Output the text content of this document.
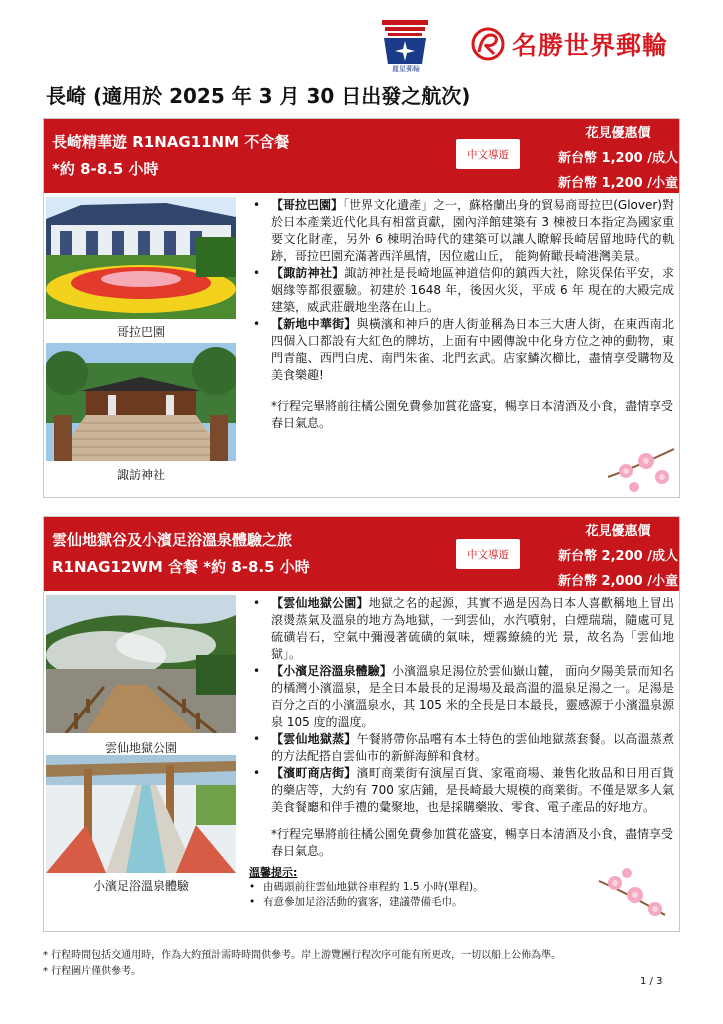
麗星郵輪
名勝世界郵輪
長崎 (適用於 2025 年 3 月 30 日出發之航次)
長崎精華遊 R1NAG11NM 不含餐
*約 8-8.5 小時
中文導遊
花見優惠價
新台幣 1,200 /成人
新台幣 1,200 /小童
哥拉巴園
諏訪神社
• 【哥拉巴園】「世界文化遺產」之一，蘇格蘭出身的貿易商哥拉巴(Glover)對於日本產業近代化具有相當貢獻，園內洋館建築有 3 棟被日本指定為國家重要文化財產，另外 6 棟明治時代的建築可以讓人瞭解長崎居留地時代的軌跡，哥拉巴園充滿著西洋風情，因位處山丘， 能夠俯瞰長崎港灣美景。
• 【諏訪神社】諏訪神社是長崎地區神道信仰的鎮西大社，除災保佑平安，求姻緣等都很靈驗。初建於 1648 年，後因火災，平成 6 年 現在的大殿完成建築，威武莊嚴地坐落在山上。
• 【新地中華街】與橫濱和神戶的唐人街並稱為日本三大唐人街，在東西南北四個入口都設有大紅色的牌坊，上面有中國傳說中化身方位之神的動物，東門青龍、西門白虎、南門朱雀、北門玄武。店家鱗次櫛比，盡情享受購物及美食樂趣!
*行程完畢將前往橘公園免費參加賞花盛宴，暢享日本清酒及小食，盡情享受春日氣息。
雲仙地獄谷及小濱足浴溫泉體驗之旅
R1NAG12WM 含餐 *約 8-8.5 小時
中文導遊
花見優惠價
新台幣 2,200 /成人
新台幣 2,000 /小童
雲仙地獄公園
小濱足浴溫泉體驗
• 【雲仙地獄公園】地獄之名的起源，其實不過是因為日本人喜歡稱地上冒出滾燙蒸氣及溫泉的地方為地獄，一到雲仙，水汽噴射，白煙瑞瑞，隨處可見硫磺岩石，空氣中彌漫著硫磺的氣味，煙霧繚繞的光 景，故名為「雲仙地獄」。
• 【小濱足浴溫泉體驗】小濱溫泉足湯位於雲仙嶽山麓， 面向夕陽美景而知名的橘灣小濱溫泉，是全日本最長的足湯場及最高溫的溫泉足湯之一。足湯是百分之百的小濱溫泉水，其 105 米的全長是日本最長，靈感源于小濱溫泉源泉 105 度的溫度。
• 【雲仙地獄蒸】午餐將帶你品嚐有本土特色的雲仙地獄蒸套餐。以高溫蒸煮的方法配搭自雲仙市的新鮮海鮮和食材。
• 【濱町商店街】濱町商業街有演屋百貨、家電商場、兼售化妝品和日用百貨的藥店等，大約有 700 家店鋪，是長崎最大規模的商業街。不僅是眾多人氣美食餐廳和伴手禮的彙聚地，也是採購藥妝、零食、電子產品的好地方。
*行程完畢將前往橘公園免費參加賞花盛宴，暢享日本清酒及小食，盡情享受春日氣息。
溫馨提示:
• 由碼頭前往雲仙地獄谷車程約 1.5 小時(單程)。
• 有意參加足浴活動的賓客，建議帶備毛巾。
* 行程時間包括交通用時，作為大約預計需時時間供參考。岸上游覽團行程次序可能有所更改，一切以船上公佈為準。
* 行程圖片僅供參考。
1 / 3
